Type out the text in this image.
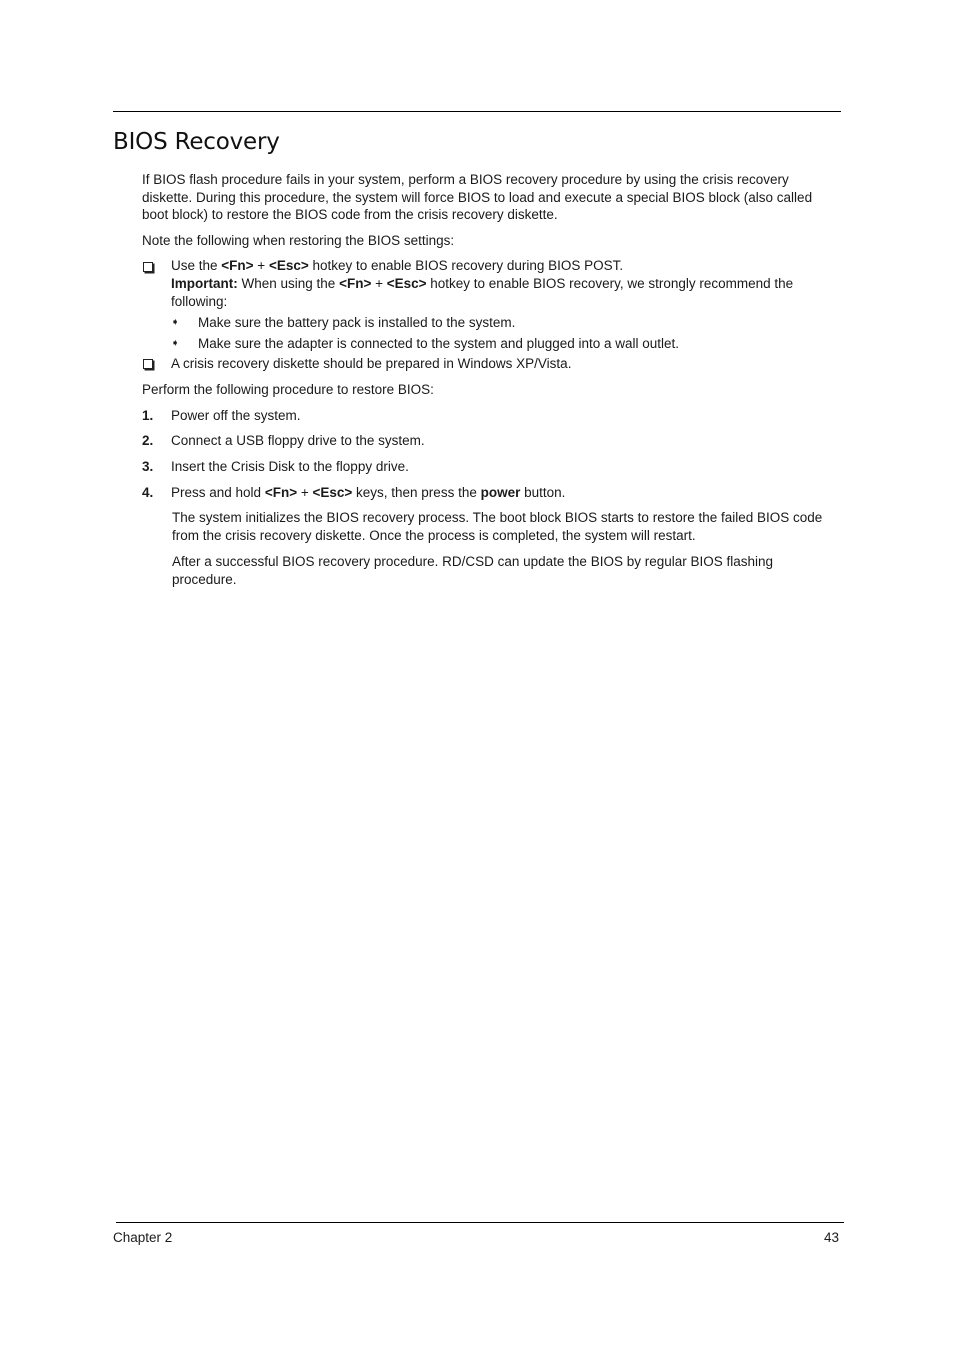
BIOS Recovery

If BIOS flash procedure fails in your system, perform a BIOS recovery procedure by using the crisis recovery diskette. During this procedure, the system will force BIOS to load and execute a special BIOS block (also called boot block) to restore the BIOS code from the crisis recovery diskette.

Note the following when restoring the BIOS settings:

Use the <Fn> + <Esc> hotkey to enable BIOS recovery during BIOS POST.
Important: When using the <Fn> + <Esc> hotkey to enable BIOS recovery, we strongly recommend the following:
➧ Make sure the battery pack is installed to the system.
➧ Make sure the adapter is connected to the system and plugged into a wall outlet.
A crisis recovery diskette should be prepared in Windows XP/Vista.
Perform the following procedure to restore BIOS:
1. Power off the system.
2. Connect a USB floppy drive to the system.
3. Insert the Crisis Disk to the floppy drive.
4. Press and hold <Fn> + <Esc> keys, then press the power button.
The system initializes the BIOS recovery process. The boot block BIOS starts to restore the failed BIOS code from the crisis recovery diskette. Once the process is completed, the system will restart.
After a successful BIOS recovery procedure. RD/CSD can update the BIOS by regular BIOS flashing procedure.
Chapter 2	43
